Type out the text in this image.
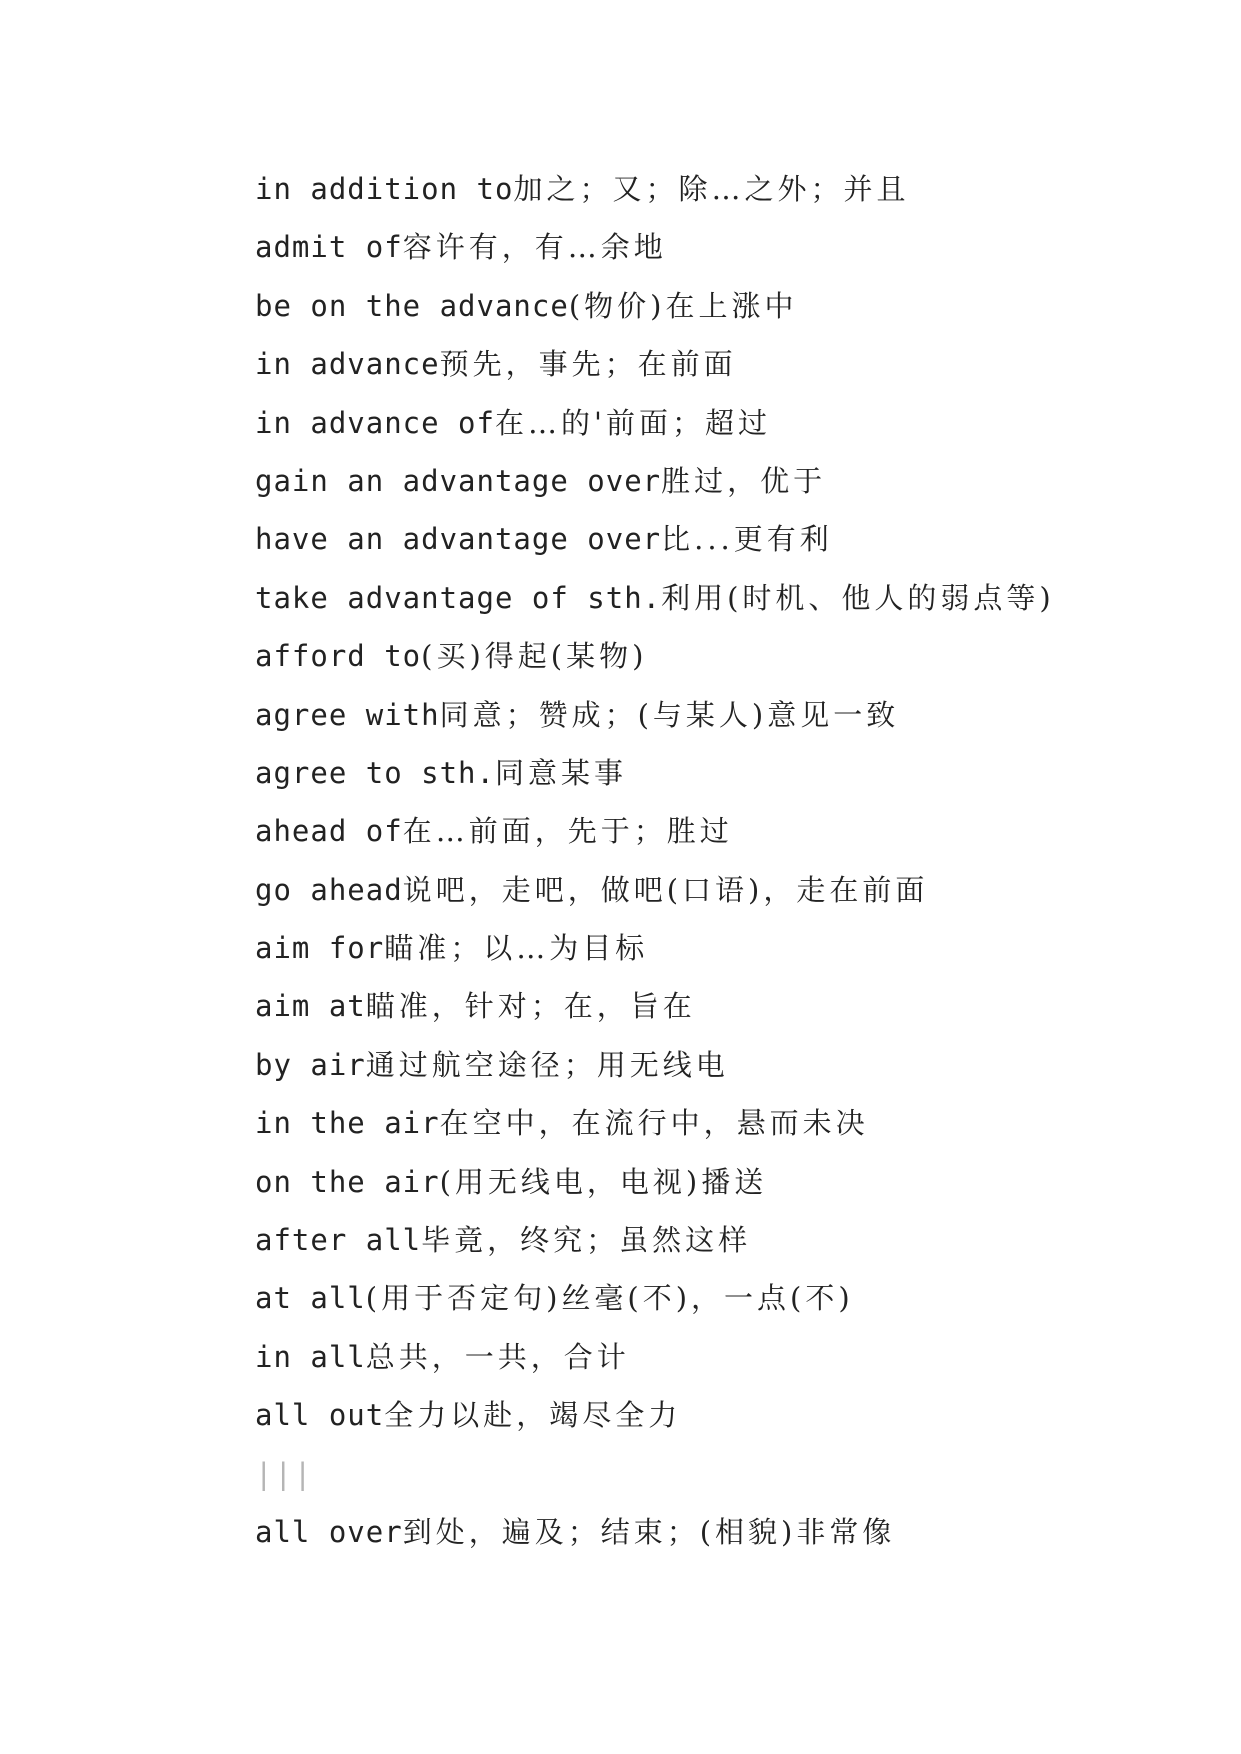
in addition to加之；又；除…之外；并且
admit of容许有，有…余地
be on the advance(物价)在上涨中
in advance预先，事先；在前面
in advance of在…的'前面；超过
gain an advantage over胜过，优于
have an advantage over比...更有利
take advantage of sth.利用(时机、他人的弱点等)
afford to(买)得起(某物)
agree with同意；赞成；(与某人)意见一致
agree to sth.同意某事
ahead of在…前面，先于；胜过
go ahead说吧，走吧，做吧(口语)，走在前面
aim for瞄准；以…为目标
aim at瞄准，针对；在，旨在
by air通过航空途径；用无线电
in the air在空中，在流行中，悬而未决
on the air(用无线电，电视)播送
after all毕竟，终究；虽然这样
at all(用于否定句)丝毫(不)，一点(不)
in all总共，一共，合计
all out全力以赴，竭尽全力
|||
all over到处，遍及；结束；(相貌)非常像
